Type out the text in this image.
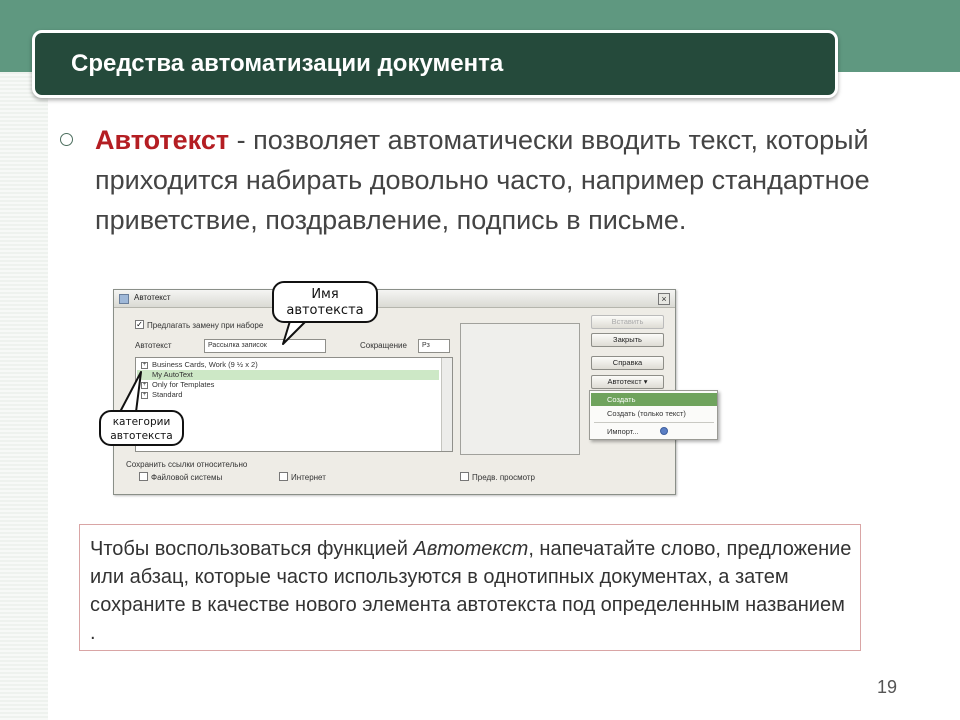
Средства автоматизации документа
Автотекст - позволяет автоматически вводить текст, который приходится набирать довольно часто, например стандартное приветствие, поздравление, подпись в письме.
Автотекст	×
✓ Предлагать замену при наборе
Автотекст	Рассылка записок	Сокращение	Рз
+ Business Cards, Work (9 ½ x 2)
My AutoText
+ Only for Templates
+ Standard
Сохранить ссылки относительно
Файловой системы	Интернет	Предв. просмотр
Вставить
Закрыть
Справка
Автотекст ▾
Создать
Создать (только текст)
Импорт...
Имя
автотекста
категории
автотекста
Чтобы воспользоваться функцией Автотекст, напечатайте слово, предложение или абзац, которые часто используются в однотипных документах, а затем сохраните в качестве нового элемента автотекста под определенным названием .
19
